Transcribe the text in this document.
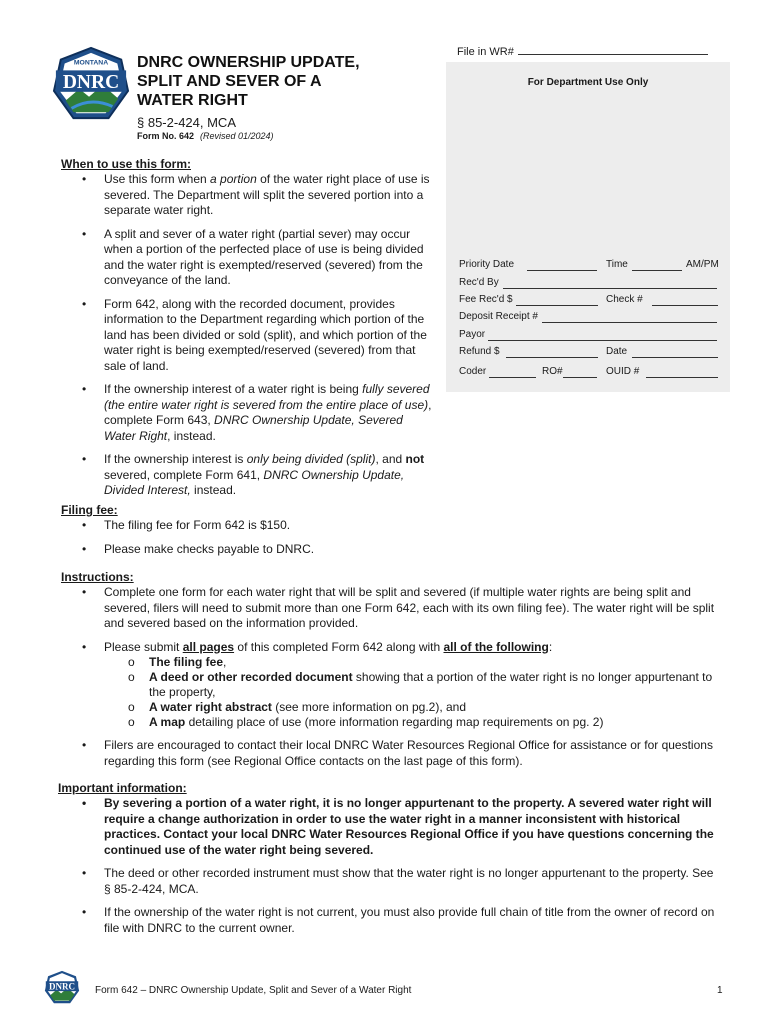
MONTANA
DNRC
DNRC OWNERSHIP UPDATE,
SPLIT AND SEVER OF A
WATER RIGHT
§ 85-2-424, MCA
Form No. 642 (Revised 01/2024)
File in WR#
For Department Use Only
Priority Date	Time	AM/PM
Rec'd By
Fee Rec'd $	Check #
Deposit Receipt #
Payor
Refund $	Date
Coder	RO#	OUID #
When to use this form:
• Use this form when a portion of the water right place of use is severed. The Department will split the severed portion into a separate water right.
• A split and sever of a water right (partial sever) may occur when a portion of the perfected place of use is being divided and the water right is exempted/reserved (severed) from the conveyance of the land.
• Form 642, along with the recorded document, provides information to the Department regarding which portion of the land has been divided or sold (split), and which portion of the water right is being exempted/reserved (severed) from that sale of land.
• If the ownership interest of a water right is being fully severed (the entire water right is severed from the entire place of use), complete Form 643, DNRC Ownership Update, Severed Water Right, instead.
• If the ownership interest is only being divided (split), and not severed, complete Form 641, DNRC Ownership Update, Divided Interest, instead.
Filing fee:
• The filing fee for Form 642 is $150.
• Please make checks payable to DNRC.
Instructions:
• Complete one form for each water right that will be split and severed (if multiple water rights are being split and severed, filers will need to submit more than one Form 642, each with its own filing fee). The water right will be split and severed based on the information provided.
• Please submit all pages of this completed Form 642 along with all of the following:
o The filing fee,
o A deed or other recorded document showing that a portion of the water right is no longer appurtenant to the property,
o A water right abstract (see more information on pg.2), and
o A map detailing place of use (more information regarding map requirements on pg. 2)
• Filers are encouraged to contact their local DNRC Water Resources Regional Office for assistance or for questions regarding this form (see Regional Office contacts on the last page of this form).
Important information:
• By severing a portion of a water right, it is no longer appurtenant to the property. A severed water right will require a change authorization in order to use the water right in a manner inconsistent with historical practices. Contact your local DNRC Water Resources Regional Office if you have questions concerning the continued use of the water right being severed.
• The deed or other recorded instrument must show that the water right is no longer appurtenant to the property. See § 85-2-424, MCA.
• If the ownership of the water right is not current, you must also provide full chain of title from the owner of record on file with DNRC to the current owner.
DNRC Form 642 – DNRC Ownership Update, Split and Sever of a Water Right	1
